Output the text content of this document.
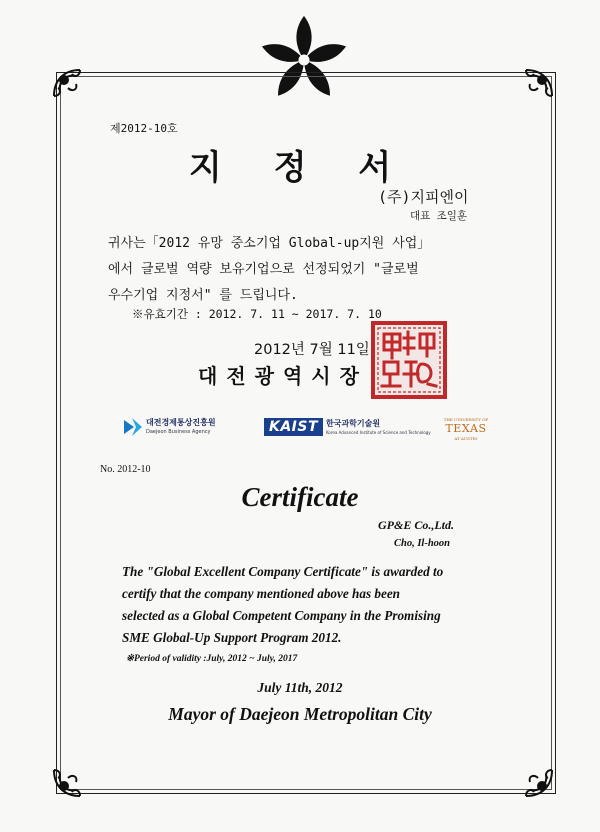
제2012-10호
지 정 서
(주)지피엔이
대표 조일훈
귀사는「2012 유망 중소기업 Global-up지원 사업」
에서 글로벌 역량 보유기업으로 선정되었기 "글로벌
우수기업 지정서" 를 드립니다.
※유효기간 : 2012. 7. 11 ~ 2017. 7. 10
2012년 7월 11일
대전광역시장
대전경제통상진흥원
Daejeon Business Agency	KAIST 한국과학기술원
Korea Advanced Institute of Science and Technology
THE UNIVERSITY OF
TEXAS
AT AUSTIN
No. 2012-10
Certificate
GP&E Co.,Ltd.
Cho, Il-hoon
The "Global Excellent Company Certificate" is awarded to
certify that the company mentioned above has been
selected as a Global Competent Company in the Promising
SME Global-Up Support Program 2012.
※Period of validity :July, 2012 ~ July, 2017
July 11th, 2012
Mayor of Daejeon Metropolitan City
